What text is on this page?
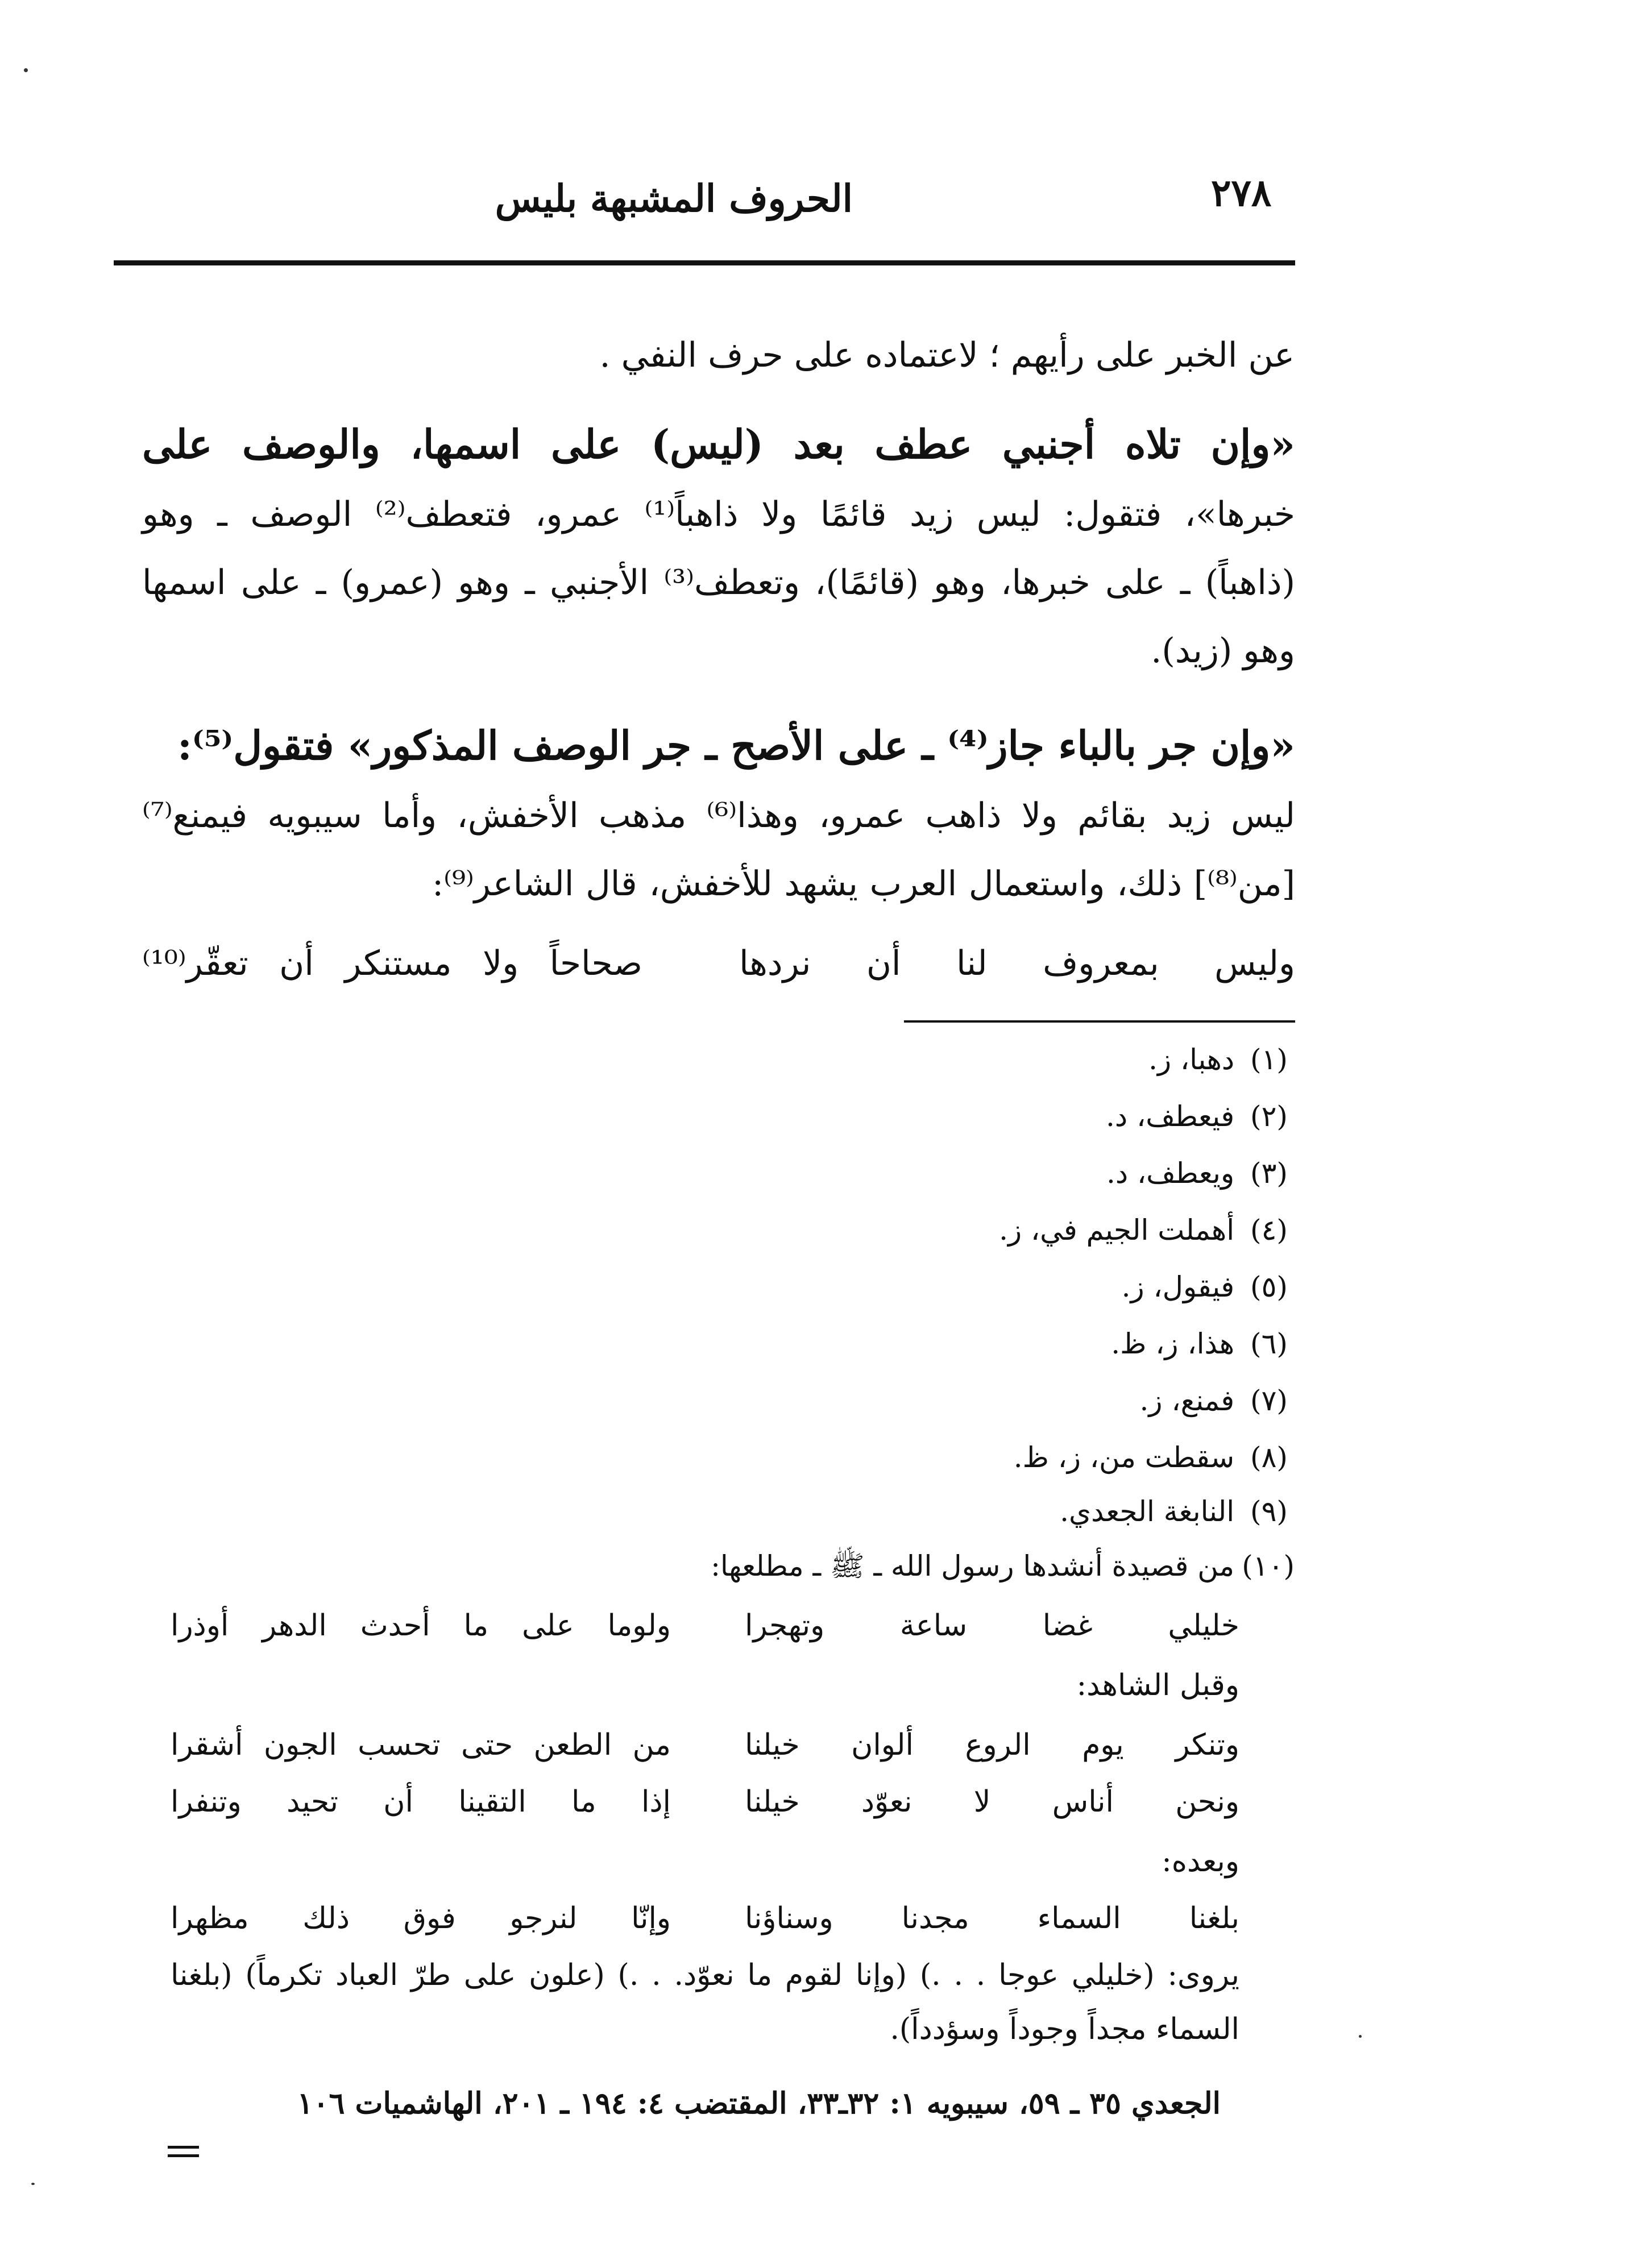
٢٧٨
الحروف المشبهة بليس
عن الخبر على رأيهم ؛ لاعتماده على حرف النفي .
«وإن تلاه أجنبي عطف بعد (ليس) على اسمها، والوصف على
خبرها»، فتقول: ليس زيد قائمًا ولا ذاهباً⁽¹⁾ عمرو، فتعطف⁽²⁾ الوصف ـ وهو
(ذاهباً) ـ على خبرها، وهو (قائمًا)، وتعطف⁽³⁾ الأجنبي ـ وهو (عمرو) ـ على اسمها
وهو (زيد).
«وإن جر بالباء جاز⁽⁴⁾ ـ على الأصح ـ جر الوصف المذكور» فتقول⁽⁵⁾:
ليس زيد بقائم ولا ذاهب عمرو، وهذا⁽⁶⁾ مذهب الأخفش، وأما سيبويه فيمنع⁽⁷⁾
[من⁽⁸⁾] ذلك، واستعمال العرب يشهد للأخفش، قال الشاعر⁽⁹⁾:
وليس بمعروف لنا أن نردها
صحاحاً ولا مستنكر أن تعقّر⁽¹⁰⁾
(١) دهبا، ز.
(٢) فيعطف، د.
(٣) ويعطف، د.
(٤) أهملت الجيم في، ز.
(٥) فيقول، ز.
(٦) هذا، ز، ظ.
(٧) فمنع، ز.
(٨) سقطت من، ز، ظ.
(٩) النابغة الجعدي.
(١٠) من قصيدة أنشدها رسول الله ـ ﷺ ـ مطلعها:
خليلي غضا ساعة وتهجرا
ولوما على ما أحدث الدهر أوذرا
وقبل الشاهد:
وتنكر يوم الروع ألوان خيلنا
من الطعن حتى تحسب الجون أشقرا
ونحن أناس لا نعوّد خيلنا
إذا ما التقينا أن تحيد وتنفرا
وبعده:
بلغنا السماء مجدنا وسناؤنا
وإنّا لنرجو فوق ذلك مظهرا
يروى: (خليلي عوجا . . .) (وإنا لقوم ما نعوّد. . .) (علون على طرّ العباد تكرماً) (بلغنا
السماء مجداً وجوداً وسؤدداً).
الجعدي ٣٥ ـ ٥٩، سيبويه ١: ٣٢ـ٣٣، المقتضب ٤: ١٩٤ ـ ٢٠١، الهاشميات ١٠٦
